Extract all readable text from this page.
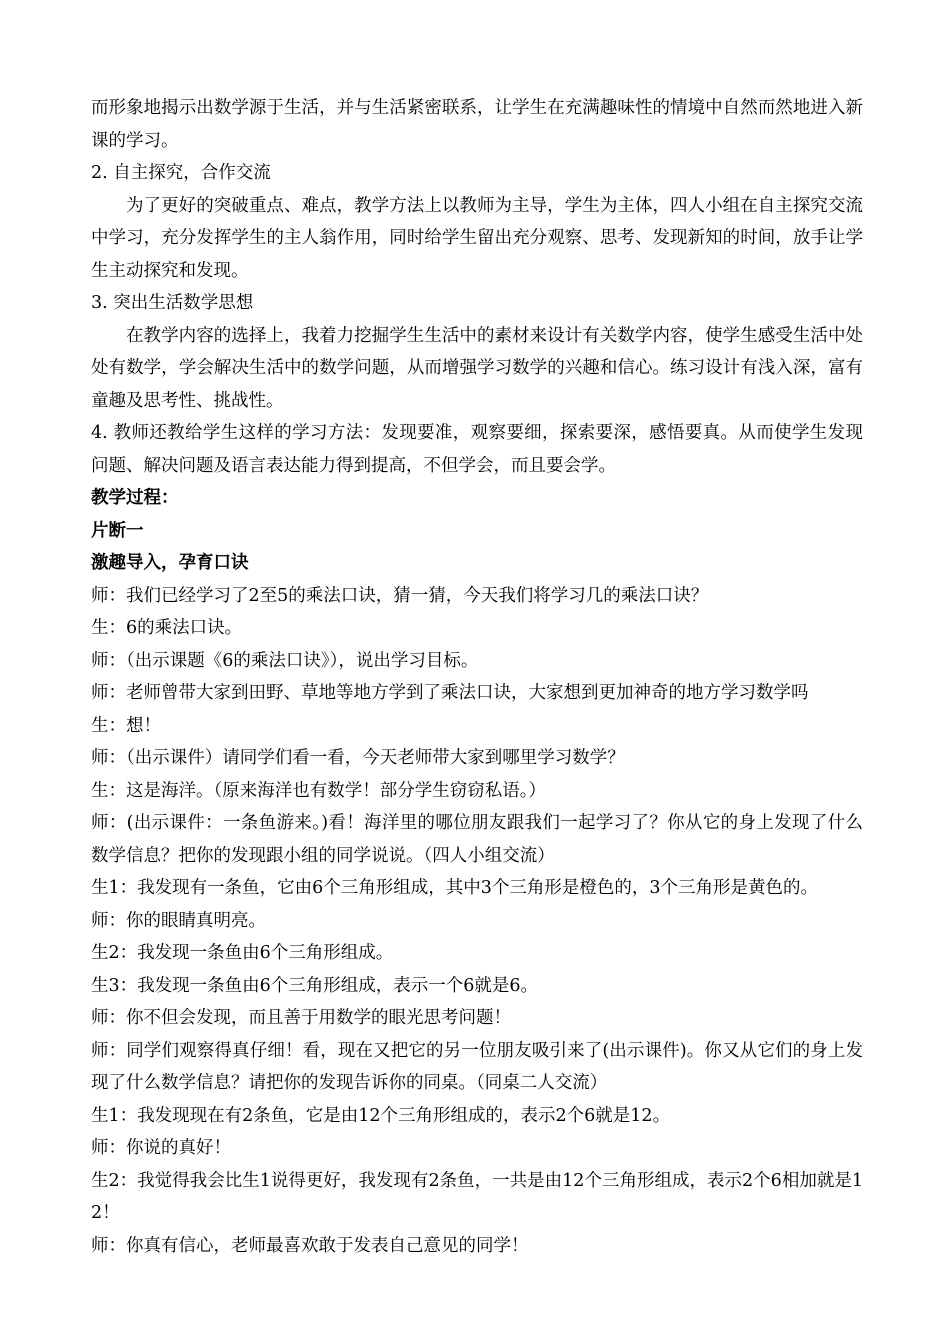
而形象地揭示出数学源于生活，并与生活紧密联系，让学生在充满趣味性的情境中自然而然地进入新课的学习。

2. 自主探究，合作交流

为了更好的突破重点、难点，教学方法上以教师为主导，学生为主体，四人小组在自主探究交流中学习，充分发挥学生的主人翁作用，同时给学生留出充分观察、思考、发现新知的时间，放手让学生主动探究和发现。

3. 突出生活数学思想

在教学内容的选择上，我着力挖掘学生生活中的素材来设计有关数学内容，使学生感受生活中处处有数学，学会解决生活中的数学问题，从而增强学习数学的兴趣和信心。练习设计有浅入深，富有童趣及思考性、挑战性。

4. 教师还教给学生这样的学习方法：发现要准，观察要细，探索要深，感悟要真。从而使学生发现问题、解决问题及语言表达能力得到提高，不但学会，而且要会学。

教学过程：

片断一

激趣导入，孕育口诀

师：我们已经学习了2至5的乘法口诀，猜一猜，今天我们将学习几的乘法口诀？

生：6的乘法口诀。

师：（出示课题《6的乘法口诀》），说出学习目标。

师：老师曾带大家到田野、草地等地方学到了乘法口诀，大家想到更加神奇的地方学习数学吗

生：想！

师：（出示课件）请同学们看一看，今天老师带大家到哪里学习数学？

生：这是海洋。（原来海洋也有数学！部分学生窃窃私语。）

师：(出示课件：一条鱼游来。)看！海洋里的哪位朋友跟我们一起学习了？你从它的身上发现了什么数学信息？把你的发现跟小组的同学说说。（四人小组交流）

生1：我发现有一条鱼，它由6个三角形组成，其中3个三角形是橙色的，3个三角形是黄色的。

师：你的眼睛真明亮。

生2：我发现一条鱼由6个三角形组成。

生3：我发现一条鱼由6个三角形组成，表示一个6就是6。

师：你不但会发现，而且善于用数学的眼光思考问题！

师：同学们观察得真仔细！看，现在又把它的另一位朋友吸引来了(出示课件)。你又从它们的身上发现了什么数学信息？请把你的发现告诉你的同桌。（同桌二人交流）

生1：我发现现在有2条鱼，它是由12个三角形组成的，表示2个6就是12。

师：你说的真好！

生2：我觉得我会比生1说得更好，我发现有2条鱼，一共是由12个三角形组成，表示2个6相加就是12！

师：你真有信心，老师最喜欢敢于发表自己意见的同学！
